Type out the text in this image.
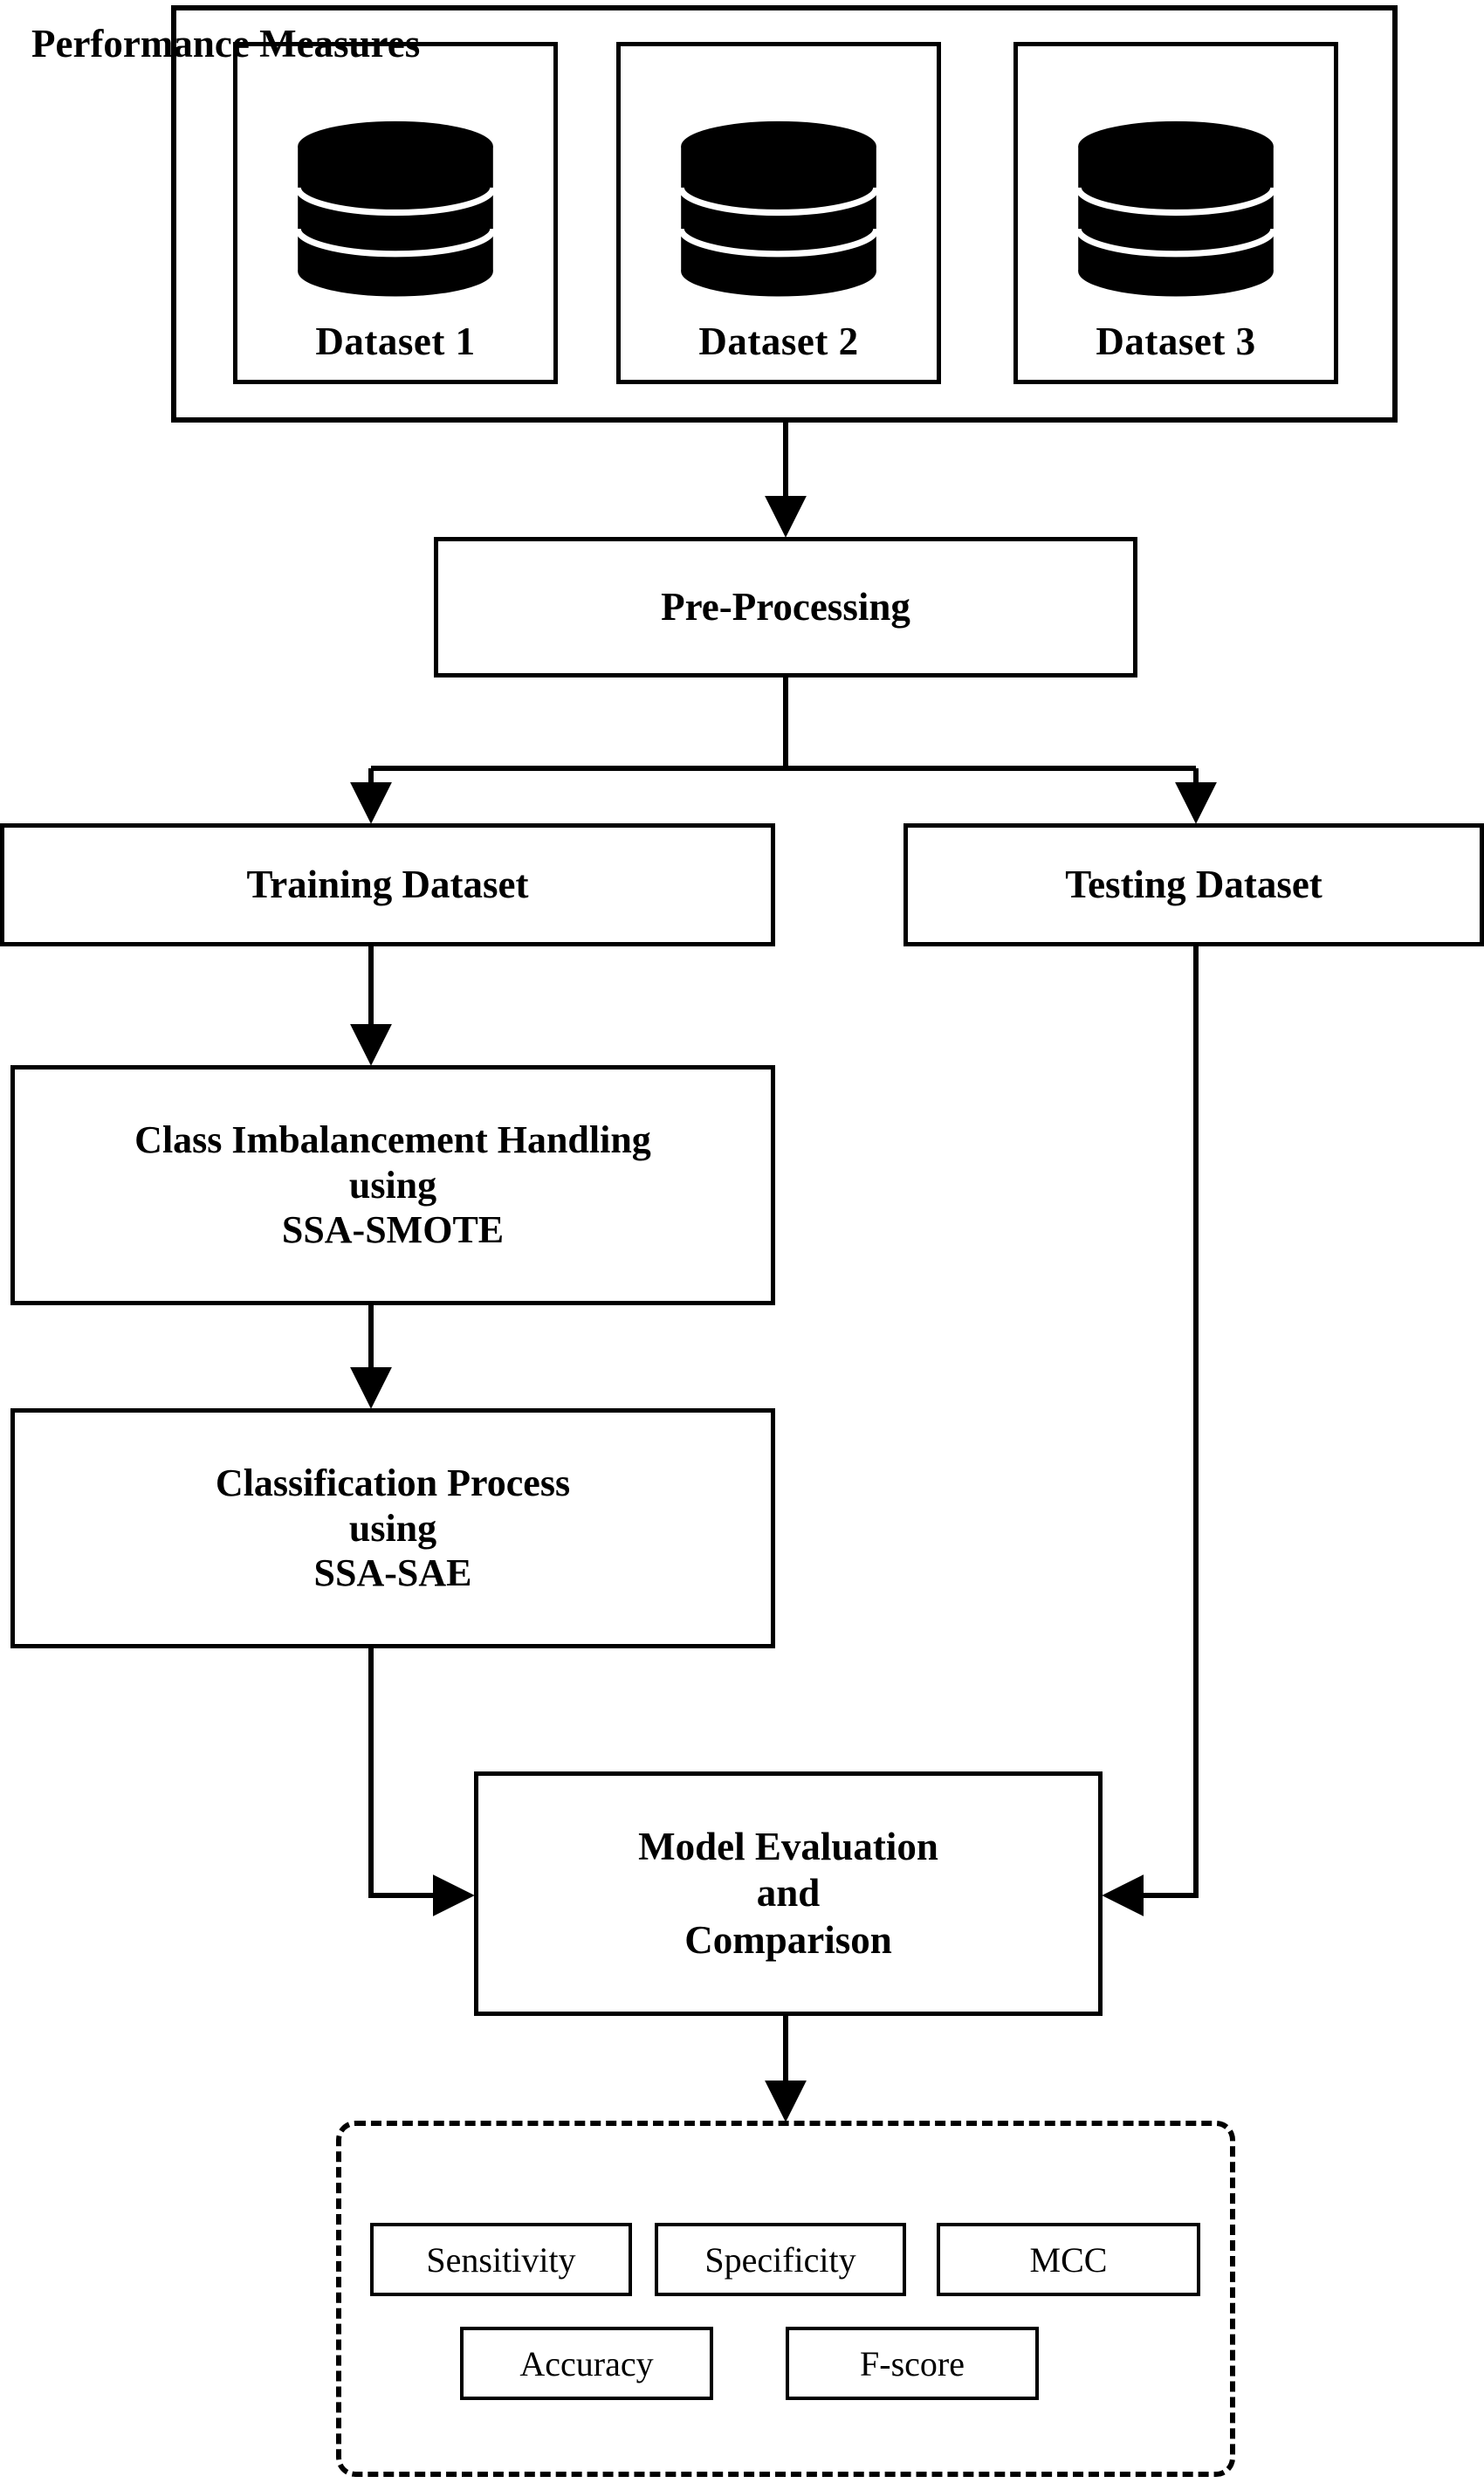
Dataset 1	Dataset 2	Dataset 3
Pre-Processing
Training Dataset	Testing Dataset
Class Imbalancement Handling
using
SSA-SMOTE
Classification Process
using
SSA-SAE
Model Evaluation
and
Comparison
Performance Measures
Sensitivity	Specificity	MCC
Accuracy	F-score
